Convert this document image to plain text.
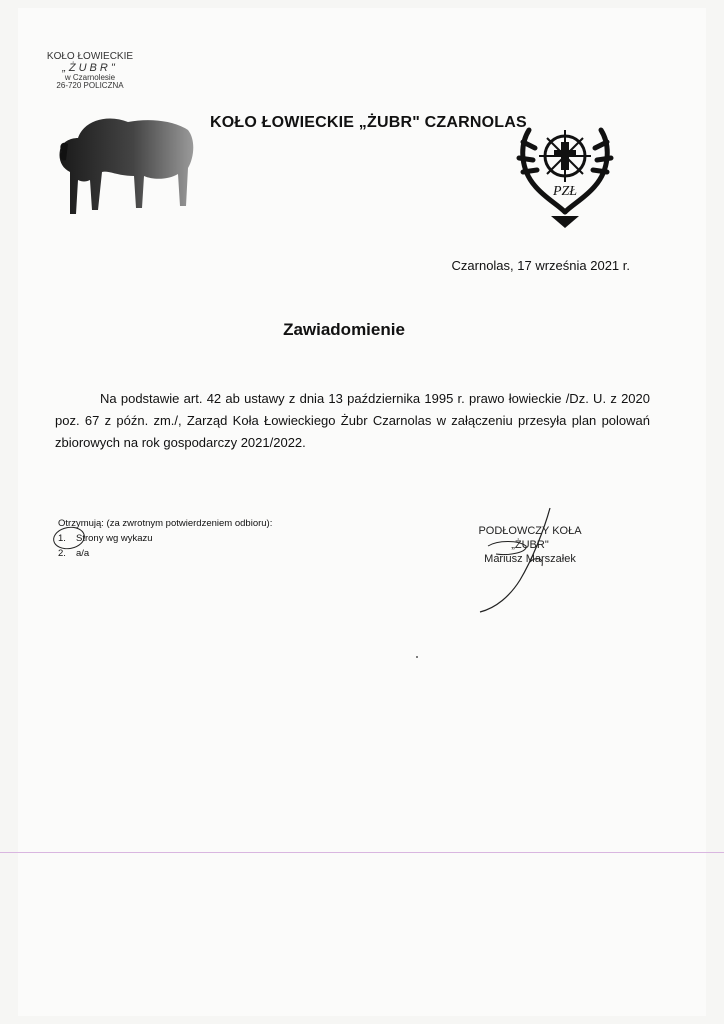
KOŁO ŁOWIECKIE
„ŻUBR"
w Czarnolesie
26-720 POLICZNA
KOŁO ŁOWIECKIE „ŻUBR" CZARNOLAS
PZŁ
Czarnolas, 17 września 2021 r.
Zawiadomienie
Na podstawie art. 42 ab ustawy z dnia 13 października 1995 r. prawo łowieckie /Dz. U. z 2020 poz. 67 z późn. zm./, Zarząd Koła Łowieckiego Żubr Czarnolas w załączeniu przesyła plan polowań zbiorowych na rok gospodarczy 2021/2022.
Otrzymują: (za zwrotnym potwierdzeniem odbioru):
1. Strony wg wykazu
2. a/a
PODŁOWCZY KOŁA
„ŻUBR"
Mariusz Marszałek
